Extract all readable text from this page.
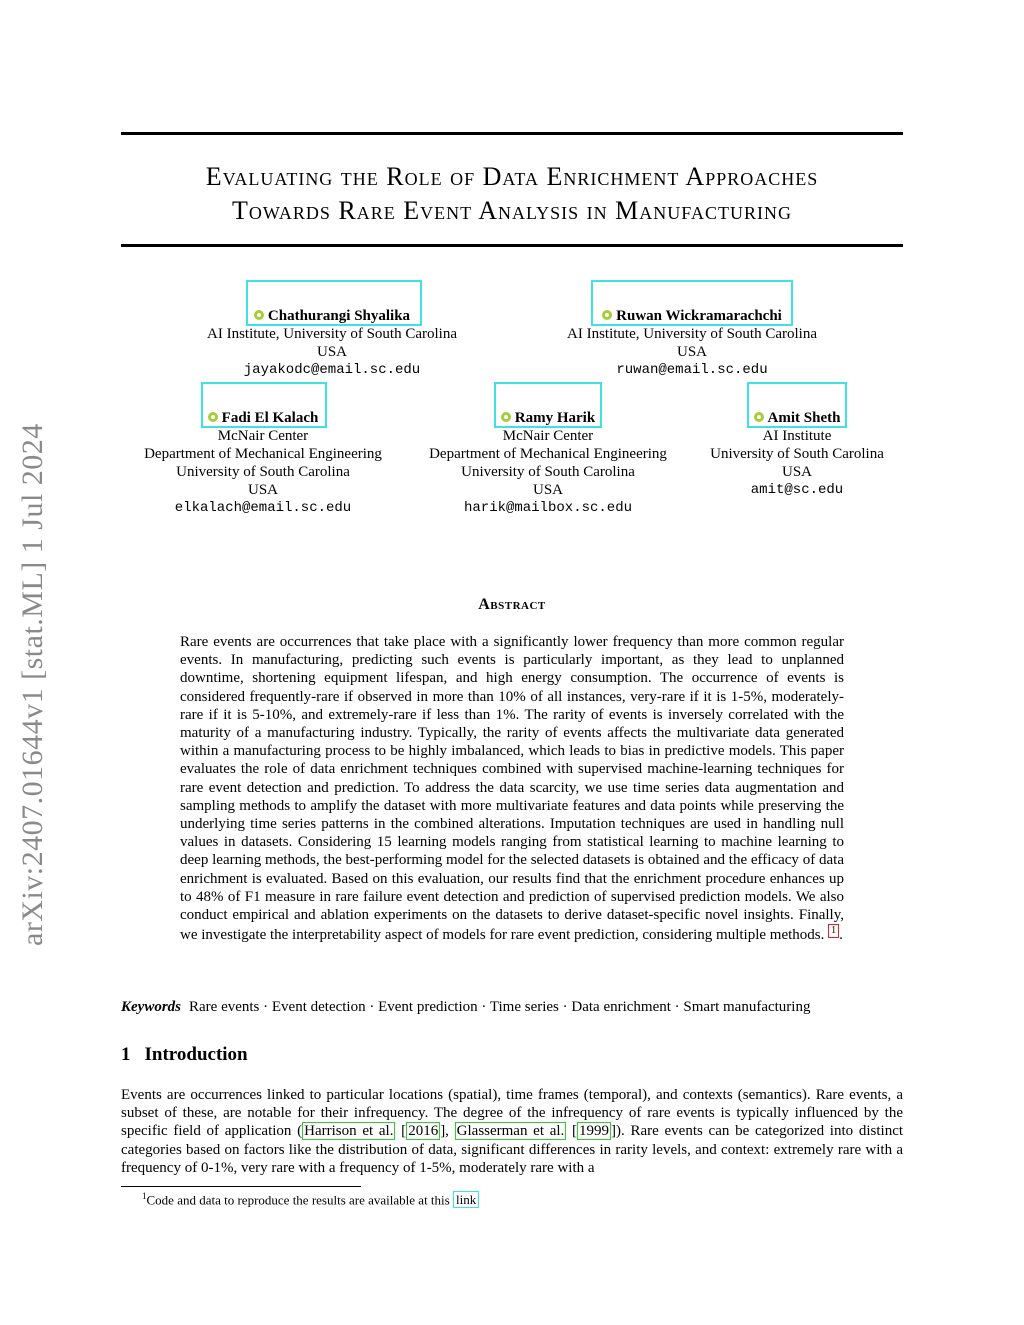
arXiv:2407.01644v1 [stat.ML] 1 Jul 2024
Evaluating the Role of Data Enrichment Approaches
Towards Rare Event Analysis in Manufacturing
Chathurangi Shyalika
AI Institute, University of South Carolina
USA
jayakodc@email.sc.edu
Ruwan Wickramarachchi
AI Institute, University of South Carolina
USA
ruwan@email.sc.edu
Fadi El Kalach
McNair Center
Department of Mechanical Engineering
University of South Carolina
USA
elkalach@email.sc.edu
Ramy Harik
McNair Center
Department of Mechanical Engineering
University of South Carolina
USA
harik@mailbox.sc.edu
Amit Sheth
AI Institute
University of South Carolina
USA
amit@sc.edu
Abstract
Rare events are occurrences that take place with a significantly lower frequency than more common regular events. In manufacturing, predicting such events is particularly important, as they lead to unplanned downtime, shortening equipment lifespan, and high energy consumption. The occurrence of events is considered frequently-rare if observed in more than 10% of all instances, very-rare if it is 1-5%, moderately-rare if it is 5-10%, and extremely-rare if less than 1%. The rarity of events is inversely correlated with the maturity of a manufacturing industry. Typically, the rarity of events affects the multivariate data generated within a manufacturing process to be highly imbalanced, which leads to bias in predictive models. This paper evaluates the role of data enrichment techniques combined with supervised machine-learning techniques for rare event detection and prediction. To address the data scarcity, we use time series data augmentation and sampling methods to amplify the dataset with more multivariate features and data points while preserving the underlying time series patterns in the combined alterations. Imputation techniques are used in handling null values in datasets. Considering 15 learning models ranging from statistical learning to machine learning to deep learning methods, the best-performing model for the selected datasets is obtained and the efficacy of data enrichment is evaluated. Based on this evaluation, our results find that the enrichment procedure enhances up to 48% of F1 measure in rare failure event detection and prediction of supervised prediction models. We also conduct empirical and ablation experiments on the datasets to derive dataset-specific novel insights. Finally, we investigate the interpretability aspect of models for rare event prediction, considering multiple methods. 1 .
Keywords Rare events · Event detection · Event prediction · Time series · Data enrichment · Smart manufacturing
1 Introduction
Events are occurrences linked to particular locations (spatial), time frames (temporal), and contexts (semantics). Rare events, a subset of these, are notable for their infrequency. The degree of the infrequency of rare events is typically influenced by the specific field of application ( Harrison et al. [ 2016 ], Glasserman et al. [ 1999 ]). Rare events can be categorized into distinct categories based on factors like the distribution of data, significant differences in rarity levels, and context: extremely rare with a frequency of 0-1%, very rare with a frequency of 1-5%, moderately rare with a
$^1$Code and data to reproduce the results are available at this link
